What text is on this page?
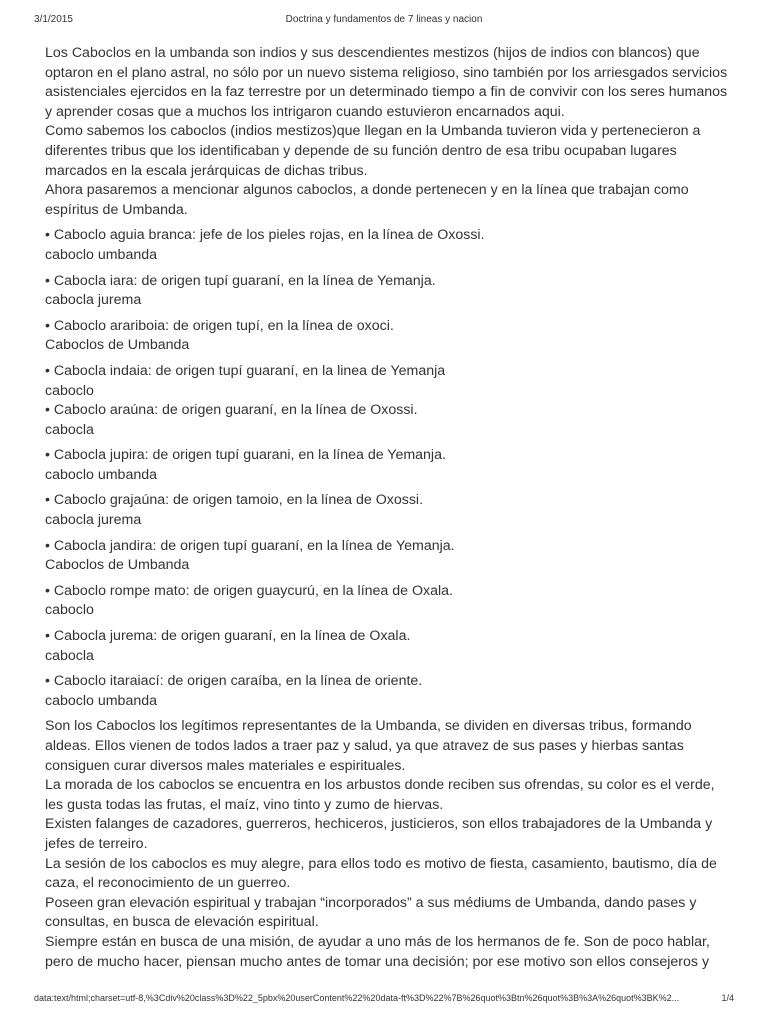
3/1/2015	Doctrina y fundamentos de 7 lineas y nacion

Los Caboclos en la umbanda son indios y sus descendientes mestizos (hijos de indios con blancos) que optaron en el plano astral, no sólo por un nuevo sistema religioso, sino también por los arriesgados servicios asistenciales ejercidos en la faz terrestre por un determinado tiempo a fin de convivir con los seres humanos y aprender cosas que a muchos los intrigaron cuando estuvieron encarnados aqui.

Como sabemos los caboclos (indios mestizos)que llegan en la Umbanda tuvieron vida y pertenecieron a diferentes tribus que los identificaban y depende de su función dentro de esa tribu ocupaban lugares marcados en la escala jerárquicas de dichas tribus.

Ahora pasaremos a mencionar algunos caboclos, a donde pertenecen y en la línea que trabajan como espíritus de Umbanda.

• Caboclo aguia branca: jefe de los pieles rojas, en la línea de Oxossi.

caboclo umbanda

• Cabocla iara: de origen tupí guaraní, en la línea de Yemanja.

cabocla jurema

• Caboclo arariboia: de origen tupí, en la línea de oxoci.

Caboclos de Umbanda

• Cabocla indaia: de origen tupí guaraní, en la linea de Yemanja

caboclo

• Caboclo araúna: de origen guaraní, en la línea de Oxossi.

cabocla

• Cabocla jupira: de origen tupí guarani, en la línea de Yemanja.

caboclo umbanda

• Caboclo grajaúna: de origen tamoio, en la línea de Oxossi.

cabocla jurema

• Cabocla jandira: de origen tupí guaraní, en la línea de Yemanja.

Caboclos de Umbanda

• Caboclo rompe mato: de origen guaycurú, en la línea de Oxala.

caboclo

• Cabocla jurema: de origen guaraní, en la línea de Oxala.

cabocla

• Caboclo itaraiací: de origen caraíba, en la línea de oriente.

caboclo umbanda

Son los Caboclos los legítimos representantes de la Umbanda, se dividen en diversas tribus, formando aldeas. Ellos vienen de todos lados a traer paz y salud, ya que atravez de sus pases y hierbas santas consiguen curar diversos males materiales e espirituales.

La morada de los caboclos se encuentra en los arbustos donde reciben sus ofrendas, su color es el verde, les gusta todas las frutas, el maíz, vino tinto y zumo de hiervas.

Existen falanges de cazadores, guerreros, hechiceros, justicieros, son ellos trabajadores de la Umbanda y jefes de terreiro.

La sesión de los caboclos es muy alegre, para ellos todo es motivo de fiesta, casamiento, bautismo, día de caza, el reconocimiento de un guerreo.

Poseen gran elevación espiritual y trabajan “incorporados” a sus médiums de Umbanda, dando pases y consultas, en busca de elevación espiritual.

Siempre están en busca de una misión, de ayudar a uno más de los hermanos de fe. Son de poco hablar, pero de mucho hacer, piensan mucho antes de tomar una decisión; por ese motivo son ellos consejeros y

data:text/html;charset=utf-8,%3Cdiv%20class%3D%22_5pbx%20userContent%22%20data-ft%3D%22%7B%26quot%3Btn%26quot%3B%3A%26quot%3BK%2...	1/4
